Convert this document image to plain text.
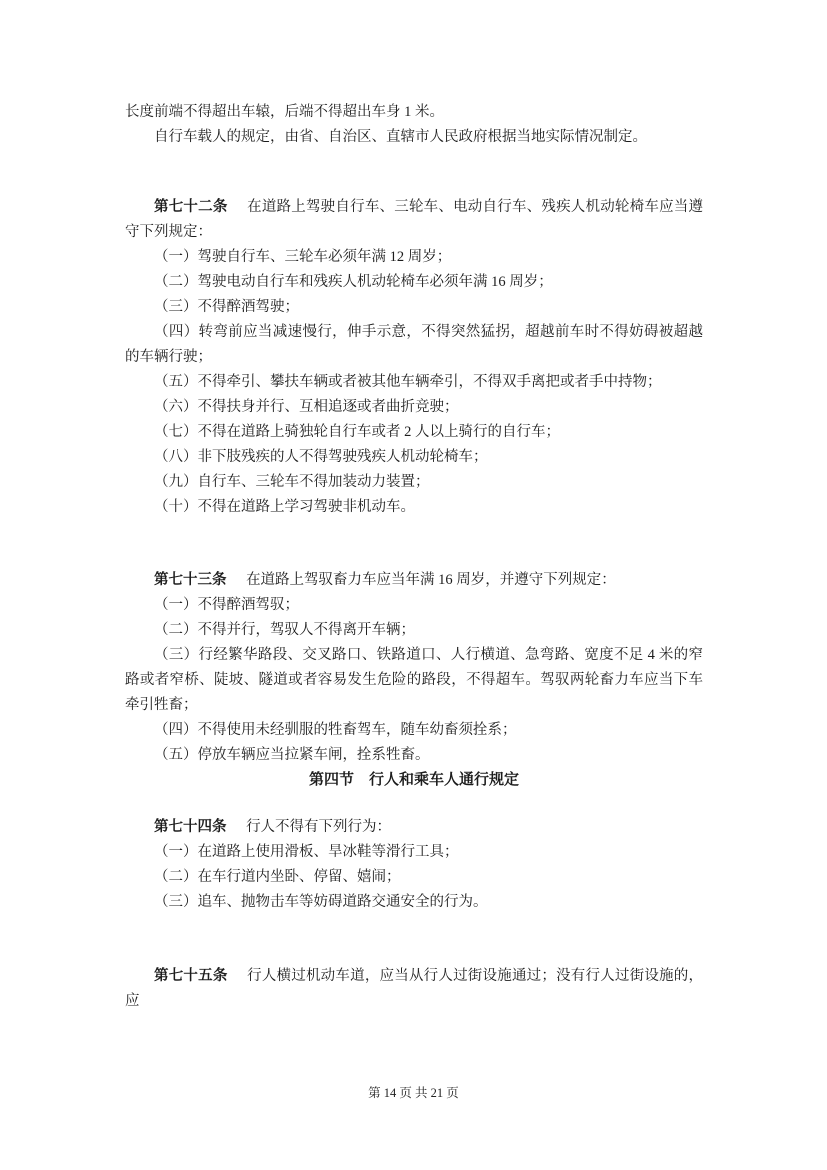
长度前端不得超出车辕，后端不得超出车身 1 米。

自行车载人的规定，由省、自治区、直辖市人民政府根据当地实际情况制定。

第七十二条 在道路上驾驶自行车、三轮车、电动自行车、残疾人机动轮椅车应当遵守下列规定：

（一）驾驶自行车、三轮车必须年满 12 周岁；

（二）驾驶电动自行车和残疾人机动轮椅车必须年满 16 周岁；

（三）不得醉酒驾驶；

（四）转弯前应当减速慢行，伸手示意，不得突然猛拐，超越前车时不得妨碍被超越的车辆行驶；

（五）不得牵引、攀扶车辆或者被其他车辆牵引，不得双手离把或者手中持物；

（六）不得扶身并行、互相追逐或者曲折竞驶；

（七）不得在道路上骑独轮自行车或者 2 人以上骑行的自行车；

（八）非下肢残疾的人不得驾驶残疾人机动轮椅车；

（九）自行车、三轮车不得加装动力装置；

（十）不得在道路上学习驾驶非机动车。

第七十三条 在道路上驾驭畜力车应当年满 16 周岁，并遵守下列规定：

（一）不得醉酒驾驭；

（二）不得并行，驾驭人不得离开车辆；

（三）行经繁华路段、交叉路口、铁路道口、人行横道、急弯路、宽度不足 4 米的窄路或者窄桥、陡坡、隧道或者容易发生危险的路段，不得超车。驾驭两轮畜力车应当下车牵引牲畜；

（四）不得使用未经驯服的牲畜驾车，随车幼畜须拴系；

（五）停放车辆应当拉紧车闸，拴系牲畜。

第四节　行人和乘车人通行规定

第七十四条 行人不得有下列行为：

（一）在道路上使用滑板、旱冰鞋等滑行工具；

（二）在车行道内坐卧、停留、嬉闹；

（三）追车、抛物击车等妨碍道路交通安全的行为。

第七十五条 行人横过机动车道，应当从行人过街设施通过；没有行人过街设施的，应

第 14 页 共 21 页
